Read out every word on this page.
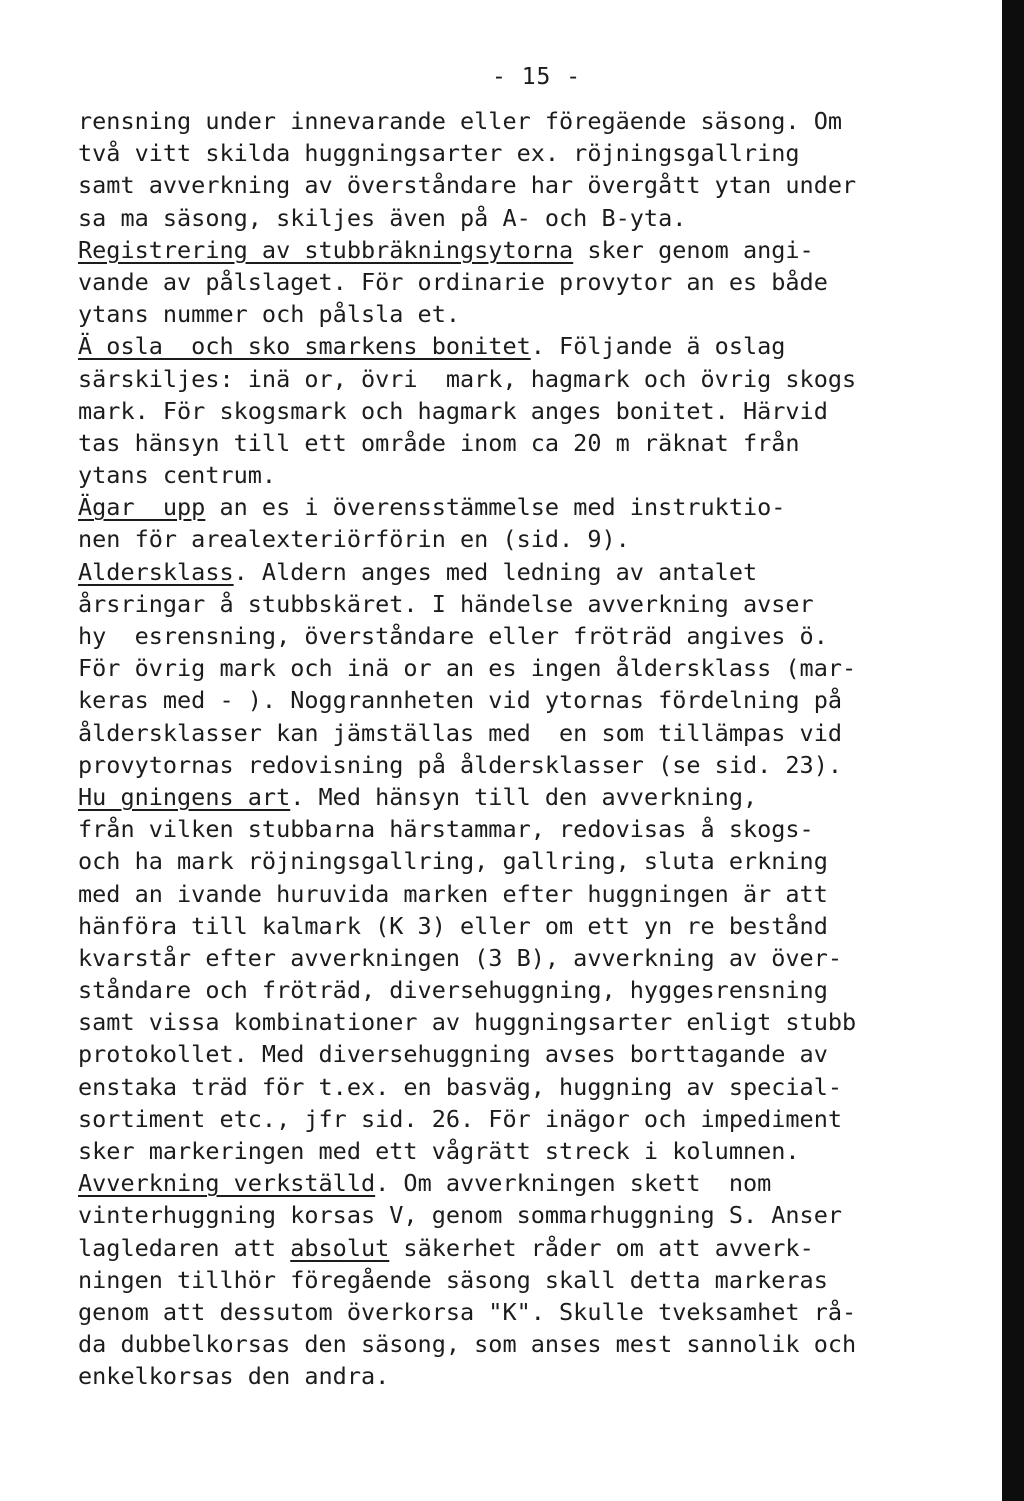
- 15 -
rensning under innevarande eller föregäende säsong. Om
två vitt skilda huggningsarter ex. röjningsgallring
samt avverkning av överståndare har övergått ytan under
sa ma säsong, skiljes även på A- och B-yta.
Registrering av stubbräkningsytorna sker genom angi-
vande av pålslaget. För ordinarie provytor an es både
ytans nummer och pålsla et.
Ä osla  och sko smarkens bonitet. Följande ä oslag
särskiljes: inä or, övri  mark, hagmark och övrig skogs
mark. För skogsmark och hagmark anges bonitet. Härvid
tas hänsyn till ett område inom ca 20 m räknat från
ytans centrum.
Ägar  upp an es i överensstämmelse med instruktio-
nen för arealexteriörförin en (sid. 9).
Aldersklass. Aldern anges med ledning av antalet
årsringar å stubbskäret. I händelse avverkning avser
hy  esrensning, överståndare eller fröträd angives ö.
För övrig mark och inä or an es ingen åldersklass (mar-
keras med - ). Noggrannheten vid ytornas fördelning på
åldersklasser kan jämställas med  en som tillämpas vid
provytornas redovisning på åldersklasser (se sid. 23).
Hu gningens art. Med hänsyn till den avverkning,
från vilken stubbarna härstammar, redovisas å skogs-
och ha mark röjningsgallring, gallring, sluta erkning
med an ivande huruvida marken efter huggningen är att
hänföra till kalmark (K 3) eller om ett yn re bestånd
kvarstår efter avverkningen (3 B), avverkning av över-
ståndare och fröträd, diversehuggning, hyggesrensning
samt vissa kombinationer av huggningsarter enligt stubb
protokollet. Med diversehuggning avses borttagande av
enstaka träd för t.ex. en basväg, huggning av special-
sortiment etc., jfr sid. 26. För inägor och impediment
sker markeringen med ett vågrätt streck i kolumnen.
Avverkning verkställd. Om avverkningen skett  nom
vinterhuggning korsas V, genom sommarhuggning S. Anser
lagledaren att absolut säkerhet råder om att avverk-
ningen tillhör föregående säsong skall detta markeras
genom att dessutom överkorsa "K". Skulle tveksamhet rå-
da dubbelkorsas den säsong, som anses mest sannolik och
enkelkorsas den andra.
